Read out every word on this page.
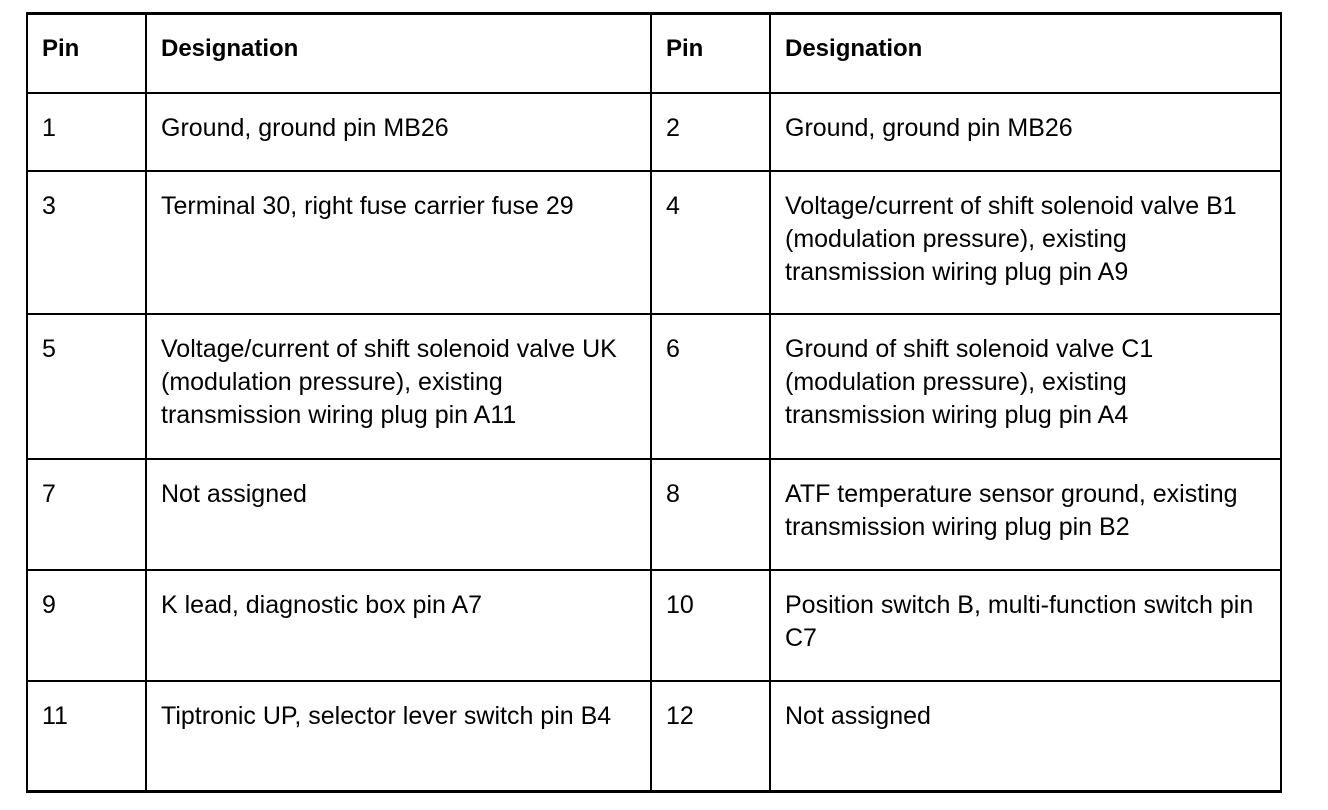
Pin	Designation	Pin	Designation
1	Ground, ground pin MB26	2	Ground, ground pin MB26
3	Terminal 30, right fuse carrier fuse 29	4	Voltage/current of shift solenoid valve B1 (modulation pressure), existing transmission wiring plug pin A9
5	Voltage/current of shift solenoid valve UK (modulation pressure), existing transmission wiring plug pin A11	6	Ground of shift solenoid valve C1 (modulation pressure), existing transmission wiring plug pin A4
7	Not assigned	8	ATF temperature sensor ground, existing transmission wiring plug pin B2
9	K lead, diagnostic box pin A7	10	Position switch B, multi-function switch pin C7
11	Tiptronic UP, selector lever switch pin B4	12	Not assigned
